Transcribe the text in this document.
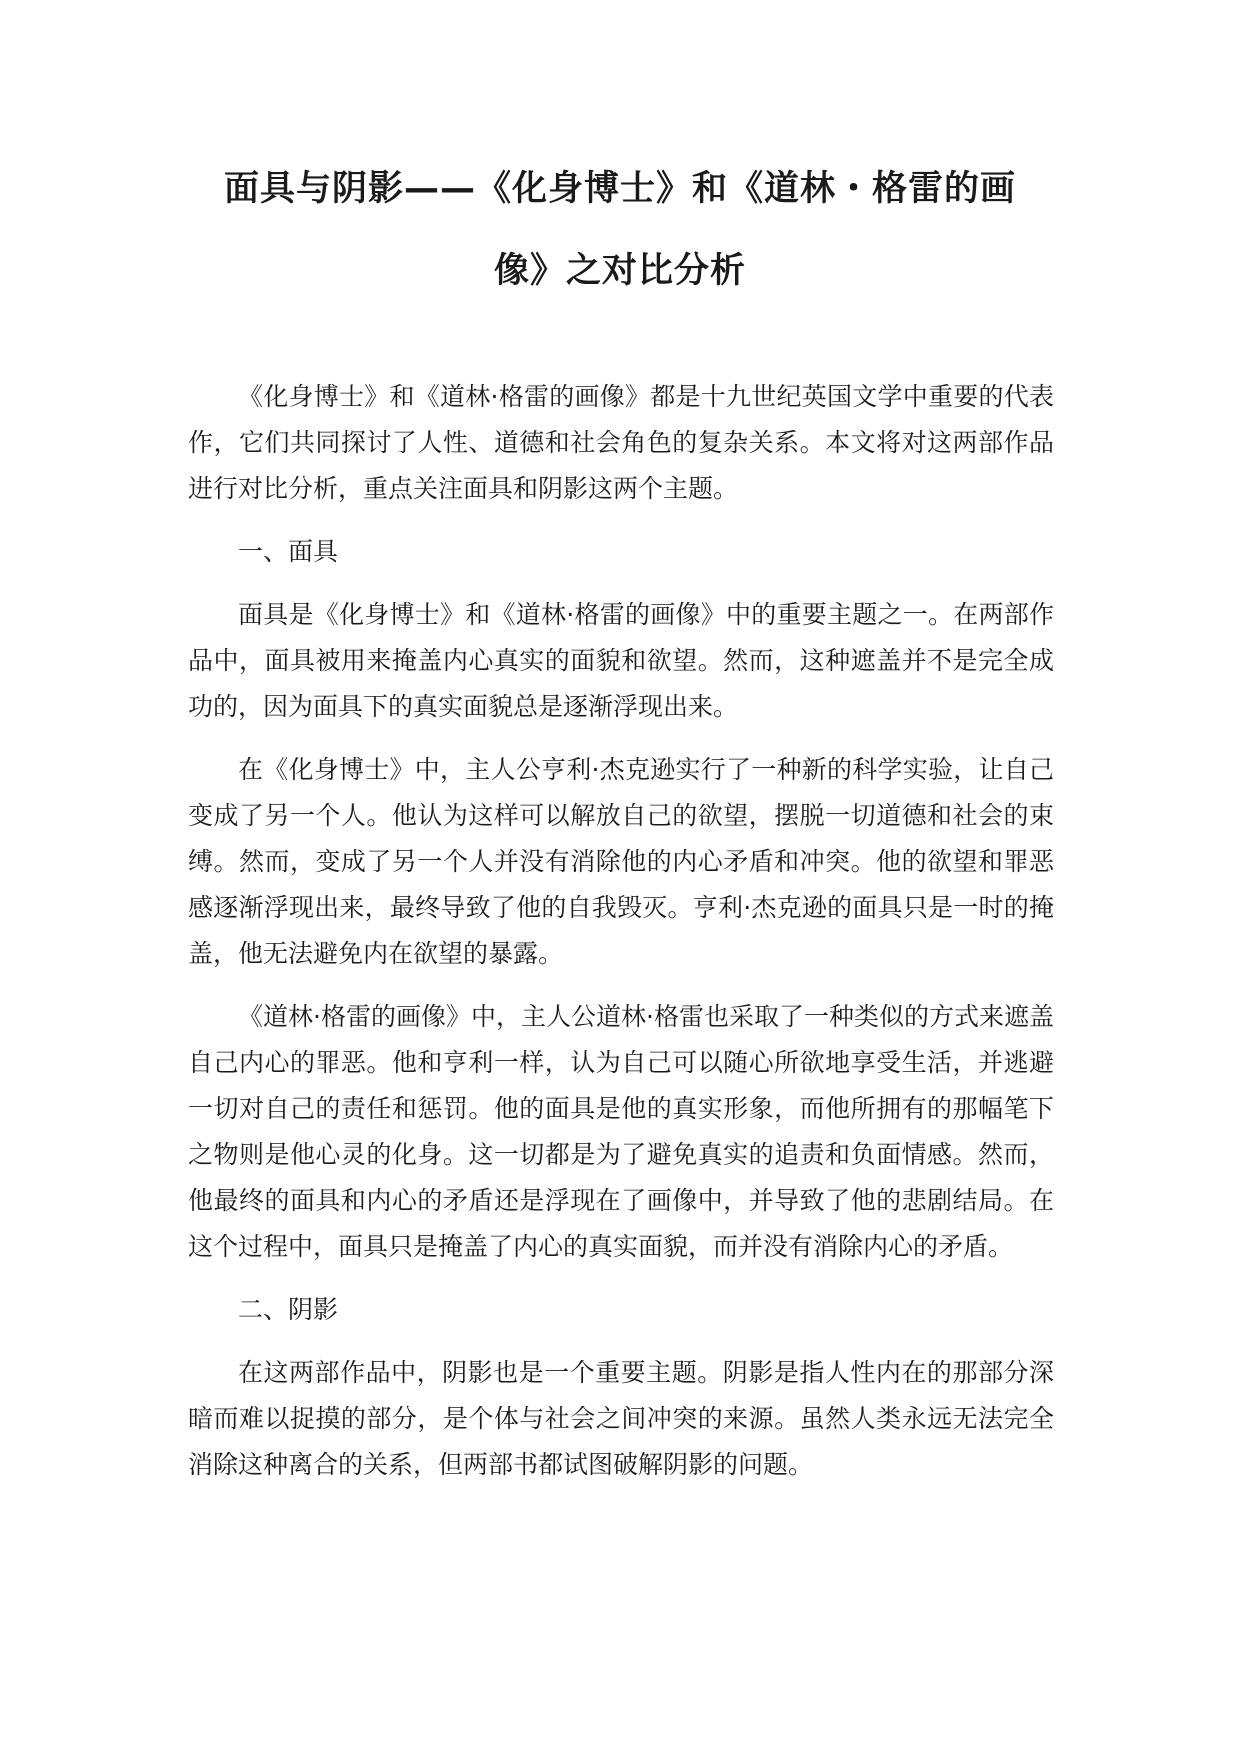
面具与阴影——《化身博士》和《道林・格雷的画
像》之对比分析

《化身博士》和《道林·格雷的画像》都是十九世纪英国文学中重要的代表作，它们共同探讨了人性、道德和社会角色的复杂关系。本文将对这两部作品进行对比分析，重点关注面具和阴影这两个主题。

一、面具

面具是《化身博士》和《道林·格雷的画像》中的重要主题之一。在两部作品中，面具被用来掩盖内心真实的面貌和欲望。然而，这种遮盖并不是完全成功的，因为面具下的真实面貌总是逐渐浮现出来。

在《化身博士》中，主人公亨利·杰克逊实行了一种新的科学实验，让自己变成了另一个人。他认为这样可以解放自己的欲望，摆脱一切道德和社会的束缚。然而，变成了另一个人并没有消除他的内心矛盾和冲突。他的欲望和罪恶感逐渐浮现出来，最终导致了他的自我毁灭。亨利·杰克逊的面具只是一时的掩盖，他无法避免内在欲望的暴露。

《道林·格雷的画像》中，主人公道林·格雷也采取了一种类似的方式来遮盖自己内心的罪恶。他和亨利一样，认为自己可以随心所欲地享受生活，并逃避一切对自己的责任和惩罚。他的面具是他的真实形象，而他所拥有的那幅笔下之物则是他心灵的化身。这一切都是为了避免真实的追责和负面情感。然而，他最终的面具和内心的矛盾还是浮现在了画像中，并导致了他的悲剧结局。在这个过程中，面具只是掩盖了内心的真实面貌，而并没有消除内心的矛盾。

二、阴影

在这两部作品中，阴影也是一个重要主题。阴影是指人性内在的那部分深暗而难以捉摸的部分，是个体与社会之间冲突的来源。虽然人类永远无法完全消除这种离合的关系，但两部书都试图破解阴影的问题。
